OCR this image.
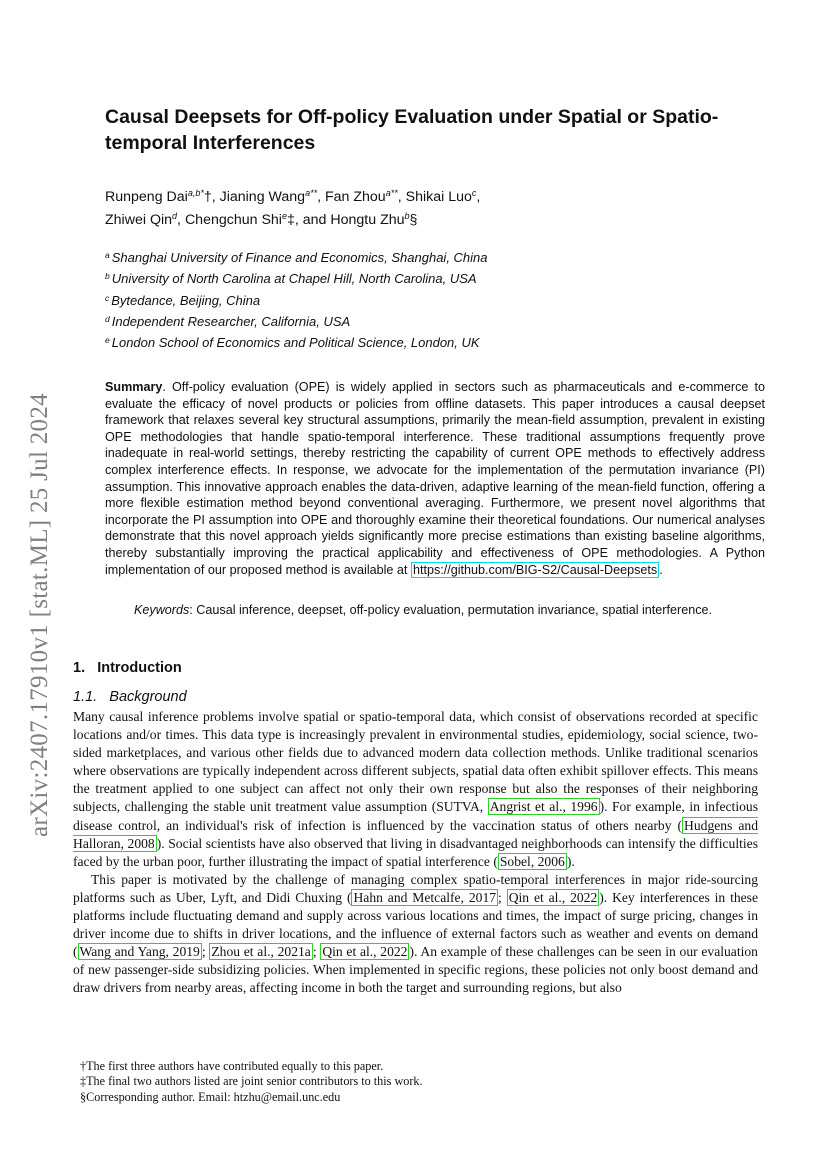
arXiv:2407.17910v1 [stat.ML] 25 Jul 2024
Causal Deepsets for Off-policy Evaluation under Spatial or Spatio-temporal Interferences
Runpeng Dai$^{a,b*}$†, Jianing Wang$^{a**}$, Fan Zhou$^{a**}$, Shikai Luo$^c$,
Zhiwei Qin$^d$, Chengchun Shi$^e$‡, and Hongtu Zhu$^b$§
$^a$ Shanghai University of Finance and Economics, Shanghai, China
$^b$ University of North Carolina at Chapel Hill, North Carolina, USA
$^c$ Bytedance, Beijing, China
$^d$ Independent Researcher, California, USA
$^e$ London School of Economics and Political Science, London, UK
Summary. Off-policy evaluation (OPE) is widely applied in sectors such as pharmaceuticals and e-commerce to evaluate the efficacy of novel products or policies from offline datasets. This paper introduces a causal deepset framework that relaxes several key structural assumptions, primarily the mean-field assumption, prevalent in existing OPE methodologies that handle spatio-temporal interference. These traditional assumptions frequently prove inadequate in real-world settings, thereby restricting the capability of current OPE methods to effectively address complex interference effects. In response, we advocate for the implementation of the permutation invariance (PI) assumption. This innovative approach enables the data-driven, adaptive learning of the mean-field function, offering a more flexible estimation method beyond conventional averaging. Furthermore, we present novel algorithms that incorporate the PI assumption into OPE and thoroughly examine their theoretical foundations. Our numerical analyses demonstrate that this novel approach yields significantly more precise estimations than existing baseline algorithms, thereby substantially improving the practical applicability and effectiveness of OPE methodologies. A Python implementation of our proposed method is available at https://github.com/BIG-S2/Causal-Deepsets .
Keywords: Causal inference, deepset, off-policy evaluation, permutation invariance, spatial interference.
1. Introduction
1.1. Background

Many causal inference problems involve spatial or spatio-temporal data, which consist of observations recorded at specific locations and/or times. This data type is increasingly prevalent in environmental studies, epidemiology, social science, two-sided marketplaces, and various other fields due to advanced modern data collection methods. Unlike traditional scenarios where observations are typically independent across different subjects, spatial data often exhibit spillover effects. This means the treatment applied to one subject can affect not only their own response but also the responses of their neighboring subjects, challenging the stable unit treatment value assumption (SUTVA, Angrist et al., 1996 ). For example, in infectious disease control, an individual's risk of infection is influenced by the vaccination status of others nearby ( Hudgens and Halloran, 2008 ). Social scientists have also observed that living in disadvantaged neighborhoods can intensify the difficulties faced by the urban poor, further illustrating the impact of spatial interference ( Sobel, 2006 ).

This paper is motivated by the challenge of managing complex spatio-temporal interferences in major ride-sourcing platforms such as Uber, Lyft, and Didi Chuxing ( Hahn and Metcalfe, 2017 ; Qin et al., 2022 ). Key interferences in these platforms include fluctuating demand and supply across various locations and times, the impact of surge pricing, changes in driver income due to shifts in driver locations, and the influence of external factors such as weather and events on demand ( Wang and Yang, 2019 ; Zhou et al., 2021a ; Qin et al., 2022 ). An example of these challenges can be seen in our evaluation of new passenger-side subsidizing policies. When implemented in specific regions, these policies not only boost demand and draw drivers from nearby areas, affecting income in both the target and surrounding regions, but also

†The first three authors have contributed equally to this paper.
‡The final two authors listed are joint senior contributors to this work.
§Corresponding author. Email: htzhu@email.unc.edu
